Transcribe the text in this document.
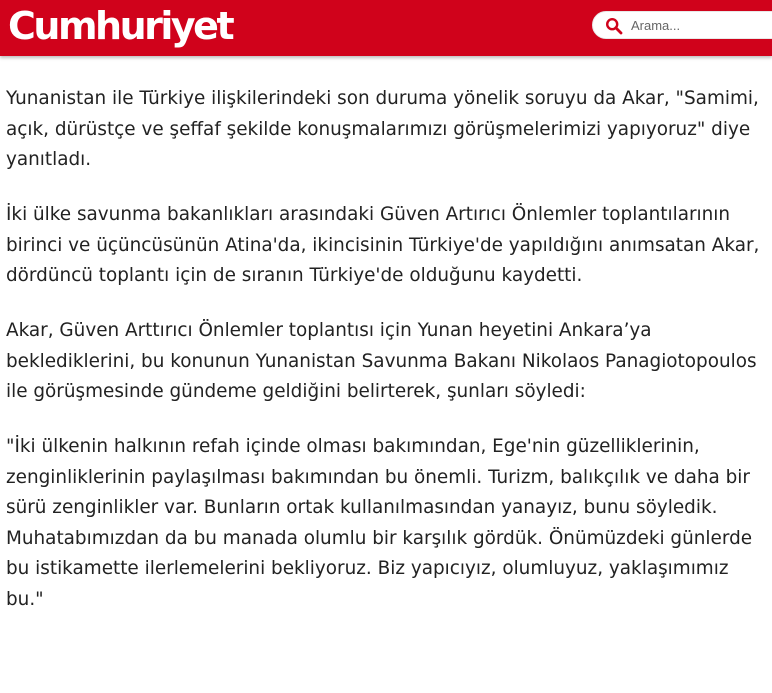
Cumhuriyet
Arama...

Yunanistan ile Türkiye ilişkilerindeki son duruma yönelik soruyu da Akar, "Samimi, açık, dürüstçe ve şeffaf şekilde konuşmalarımızı görüşmelerimizi yapıyoruz" diye yanıtladı.

İki ülke savunma bakanlıkları arasındaki Güven Artırıcı Önlemler toplantılarının birinci ve üçüncüsünün Atina'da, ikincisinin Türkiye'de yapıldığını anımsatan Akar, dördüncü toplantı için de sıranın Türkiye'de olduğunu kaydetti.

Akar, Güven Arttırıcı Önlemler toplantısı için Yunan heyetini Ankara’ya beklediklerini, bu konunun Yunanistan Savunma Bakanı Nikolaos Panagiotopoulos ile görüşmesinde gündeme geldiğini belirterek, şunları söyledi:

"İki ülkenin halkının refah içinde olması bakımından, Ege'nin güzelliklerinin, zenginliklerinin paylaşılması bakımından bu önemli. Turizm, balıkçılık ve daha bir sürü zenginlikler var. Bunların ortak kullanılmasından yanayız, bunu söyledik. Muhatabımızdan da bu manada olumlu bir karşılık gördük. Önümüzdeki günlerde bu istikamette ilerlemelerini bekliyoruz. Biz yapıcıyız, olumluyuz, yaklaşımımız bu."
